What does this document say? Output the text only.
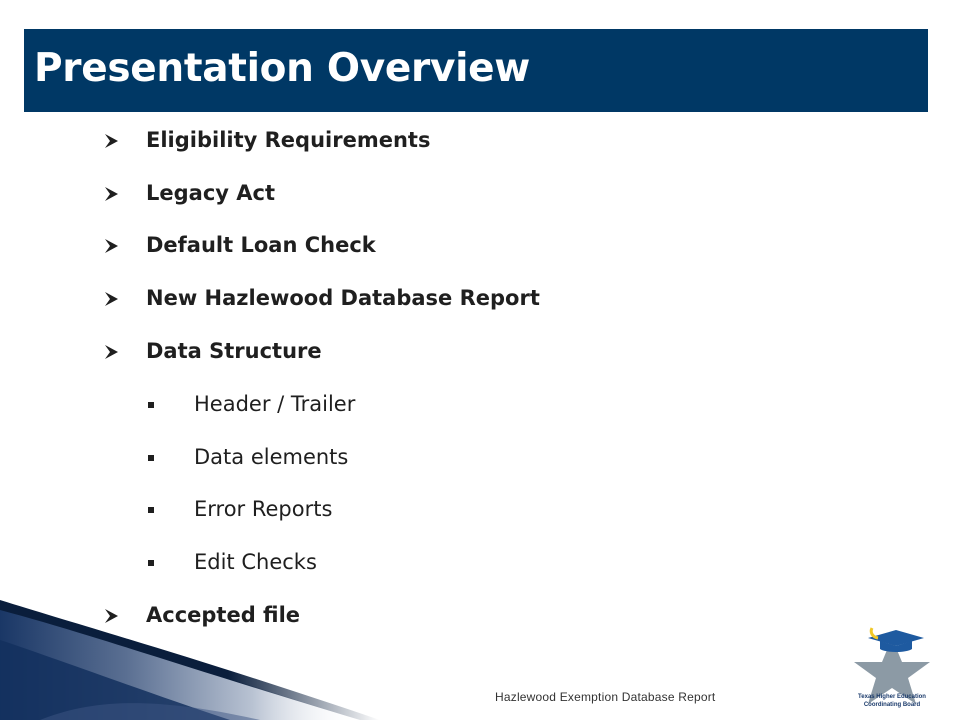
Presentation Overview
Eligibility Requirements
Legacy Act
Default Loan Check
New Hazlewood Database Report
Data Structure
Header / Trailer
Data elements
Error Reports
Edit Checks
Accepted file
Hazlewood Exemption Database Report	Texas Higher Education
Coordinating Board
